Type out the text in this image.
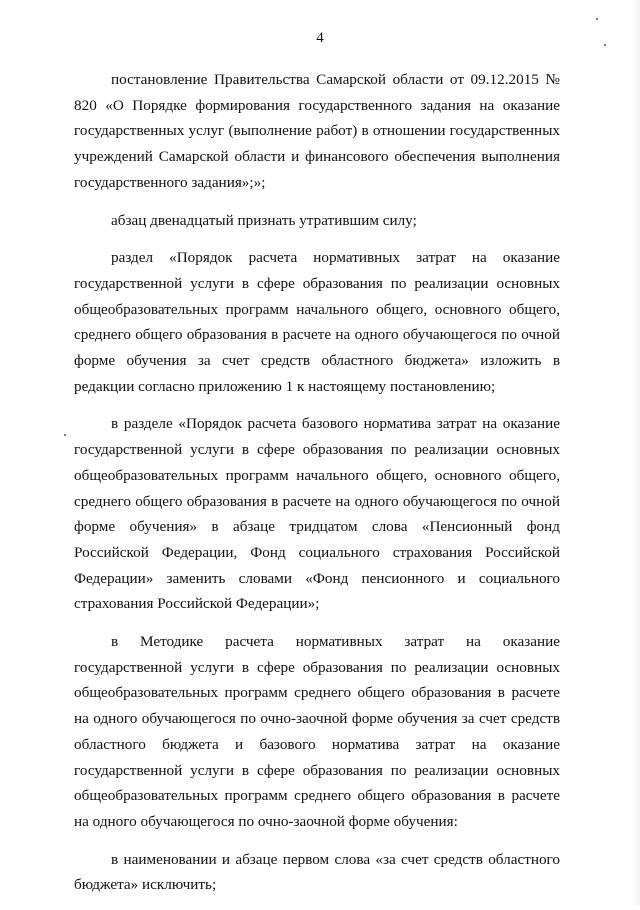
4

постановление Правительства Самарской области от 09.12.2015 № 820 «О Порядке формирования государственного задания на оказание государственных услуг (выполнение работ) в отношении государственных учреждений Самарской области и финансового обеспечения выполнения государственного задания»;»;

абзац двенадцатый признать утратившим силу;

раздел «Порядок расчета нормативных затрат на оказание государственной услуги в сфере образования по реализации основных общеобразовательных программ начального общего, основного общего, среднего общего образования в расчете на одного обучающегося по очной форме обучения за счет средств областного бюджета» изложить в редакции согласно приложению 1 к настоящему постановлению;

в разделе «Порядок расчета базового норматива затрат на оказание государственной услуги в сфере образования по реализации основных общеобразовательных программ начального общего, основного общего, среднего общего образования в расчете на одного обучающегося по очной форме обучения» в абзаце тридцатом слова «Пенсионный фонд Российской Федерации, Фонд социального страхования Российской Федерации» заменить словами «Фонд пенсионного и социального страхования Российской Федерации»;

в Методике расчета нормативных затрат на оказание государственной услуги в сфере образования по реализации основных общеобразовательных программ среднего общего образования в расчете на одного обучающегося по очно-заочной форме обучения за счет средств областного бюджета и базового норматива затрат на оказание государственной услуги в сфере образования по реализации основных общеобразовательных программ среднего общего образования в расчете на одного обучающегося по очно-заочной форме обучения:

в наименовании и абзаце первом слова «за счет средств областного бюджета» исключить;
